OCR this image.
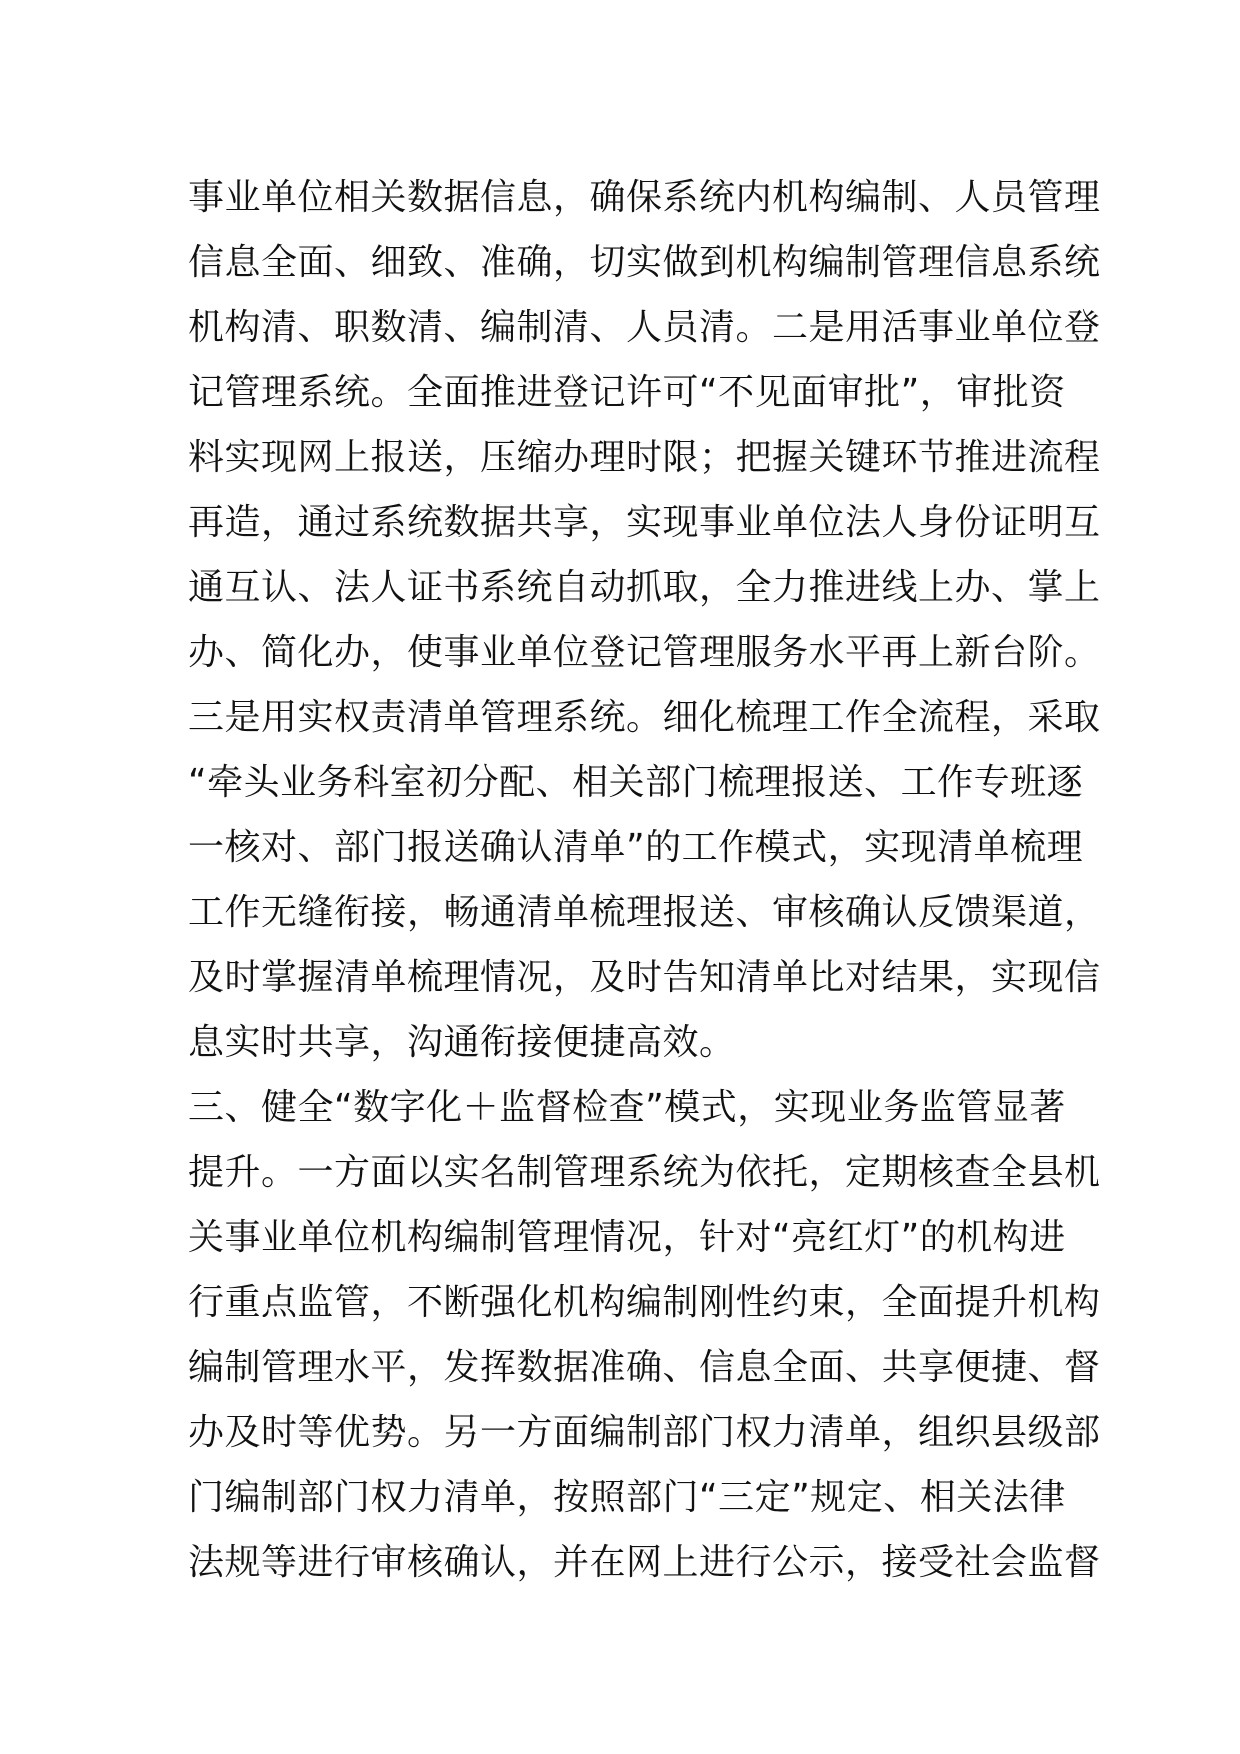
事业单位相关数据信息，确保系统内机构编制、人员管理
信息全面、细致、准确，切实做到机构编制管理信息系统
机构清、职数清、编制清、人员清。二是用活事业单位登
记管理系统。全面推进登记许可“不见面审批”，审批资
料实现网上报送，压缩办理时限；把握关键环节推进流程
再造，通过系统数据共享，实现事业单位法人身份证明互
通互认、法人证书系统自动抓取，全力推进线上办、掌上
办、简化办，使事业单位登记管理服务水平再上新台阶。
三是用实权责清单管理系统。细化梳理工作全流程，采取
“牵头业务科室初分配、相关部门梳理报送、工作专班逐
一核对、部门报送确认清单”的工作模式，实现清单梳理
工作无缝衔接，畅通清单梳理报送、审核确认反馈渠道，
及时掌握清单梳理情况，及时告知清单比对结果，实现信
息实时共享，沟通衔接便捷高效。
三、健全“数字化＋监督检查”模式，实现业务监管显著
提升。一方面以实名制管理系统为依托，定期核查全县机
关事业单位机构编制管理情况，针对“亮红灯”的机构进
行重点监管，不断强化机构编制刚性约束，全面提升机构
编制管理水平，发挥数据准确、信息全面、共享便捷、督
办及时等优势。另一方面编制部门权力清单，组织县级部
门编制部门权力清单，按照部门“三定”规定、相关法律
法规等进行审核确认，并在网上进行公示，接受社会监督
